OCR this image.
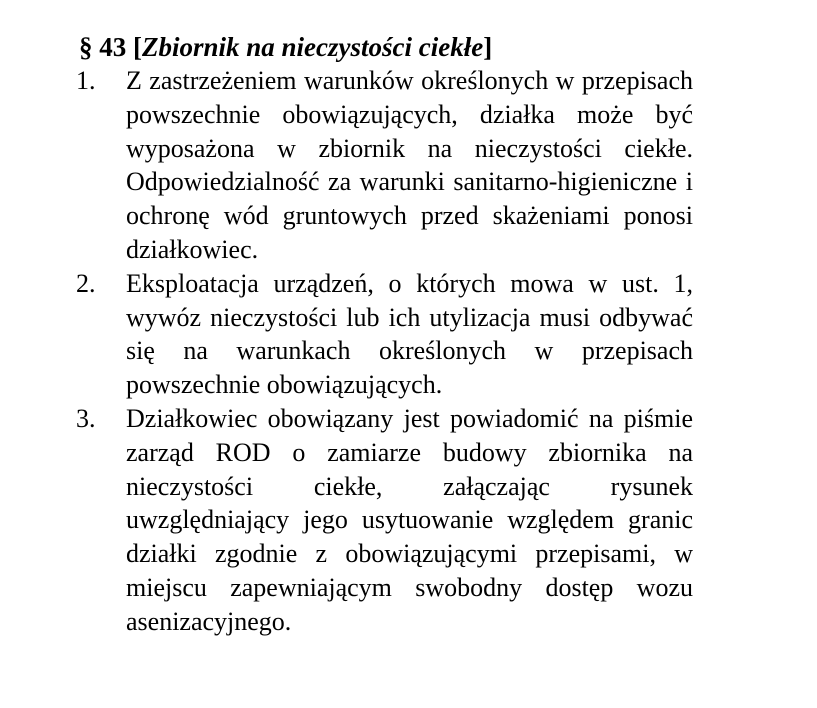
§ 43 [Zbiornik na nieczystości ciekłe]
1.	Z zastrzeżeniem warunków określonych w przepisach powszechnie obowiązujących, działka może być wyposażona w zbiornik na nieczystości ciekłe. Odpowiedzialność za warunki sanitarno-higieniczne i ochronę wód gruntowych przed skażeniami ponosi działkowiec.
2.	Eksploatacja urządzeń, o których mowa w ust. 1, wywóz nieczystości lub ich utylizacja musi odbywać się na warunkach określonych w przepisach powszechnie obowiązujących.
3.	Działkowiec obowiązany jest powiadomić na piśmie zarząd ROD o zamiarze budowy zbiornika na nieczystości ciekłe, załączając rysunek uwzględniający jego usytuowanie względem granic działki zgodnie z obowiązującymi przepisami, w miejscu zapewniającym swobodny dostęp wozu asenizacyjnego.
